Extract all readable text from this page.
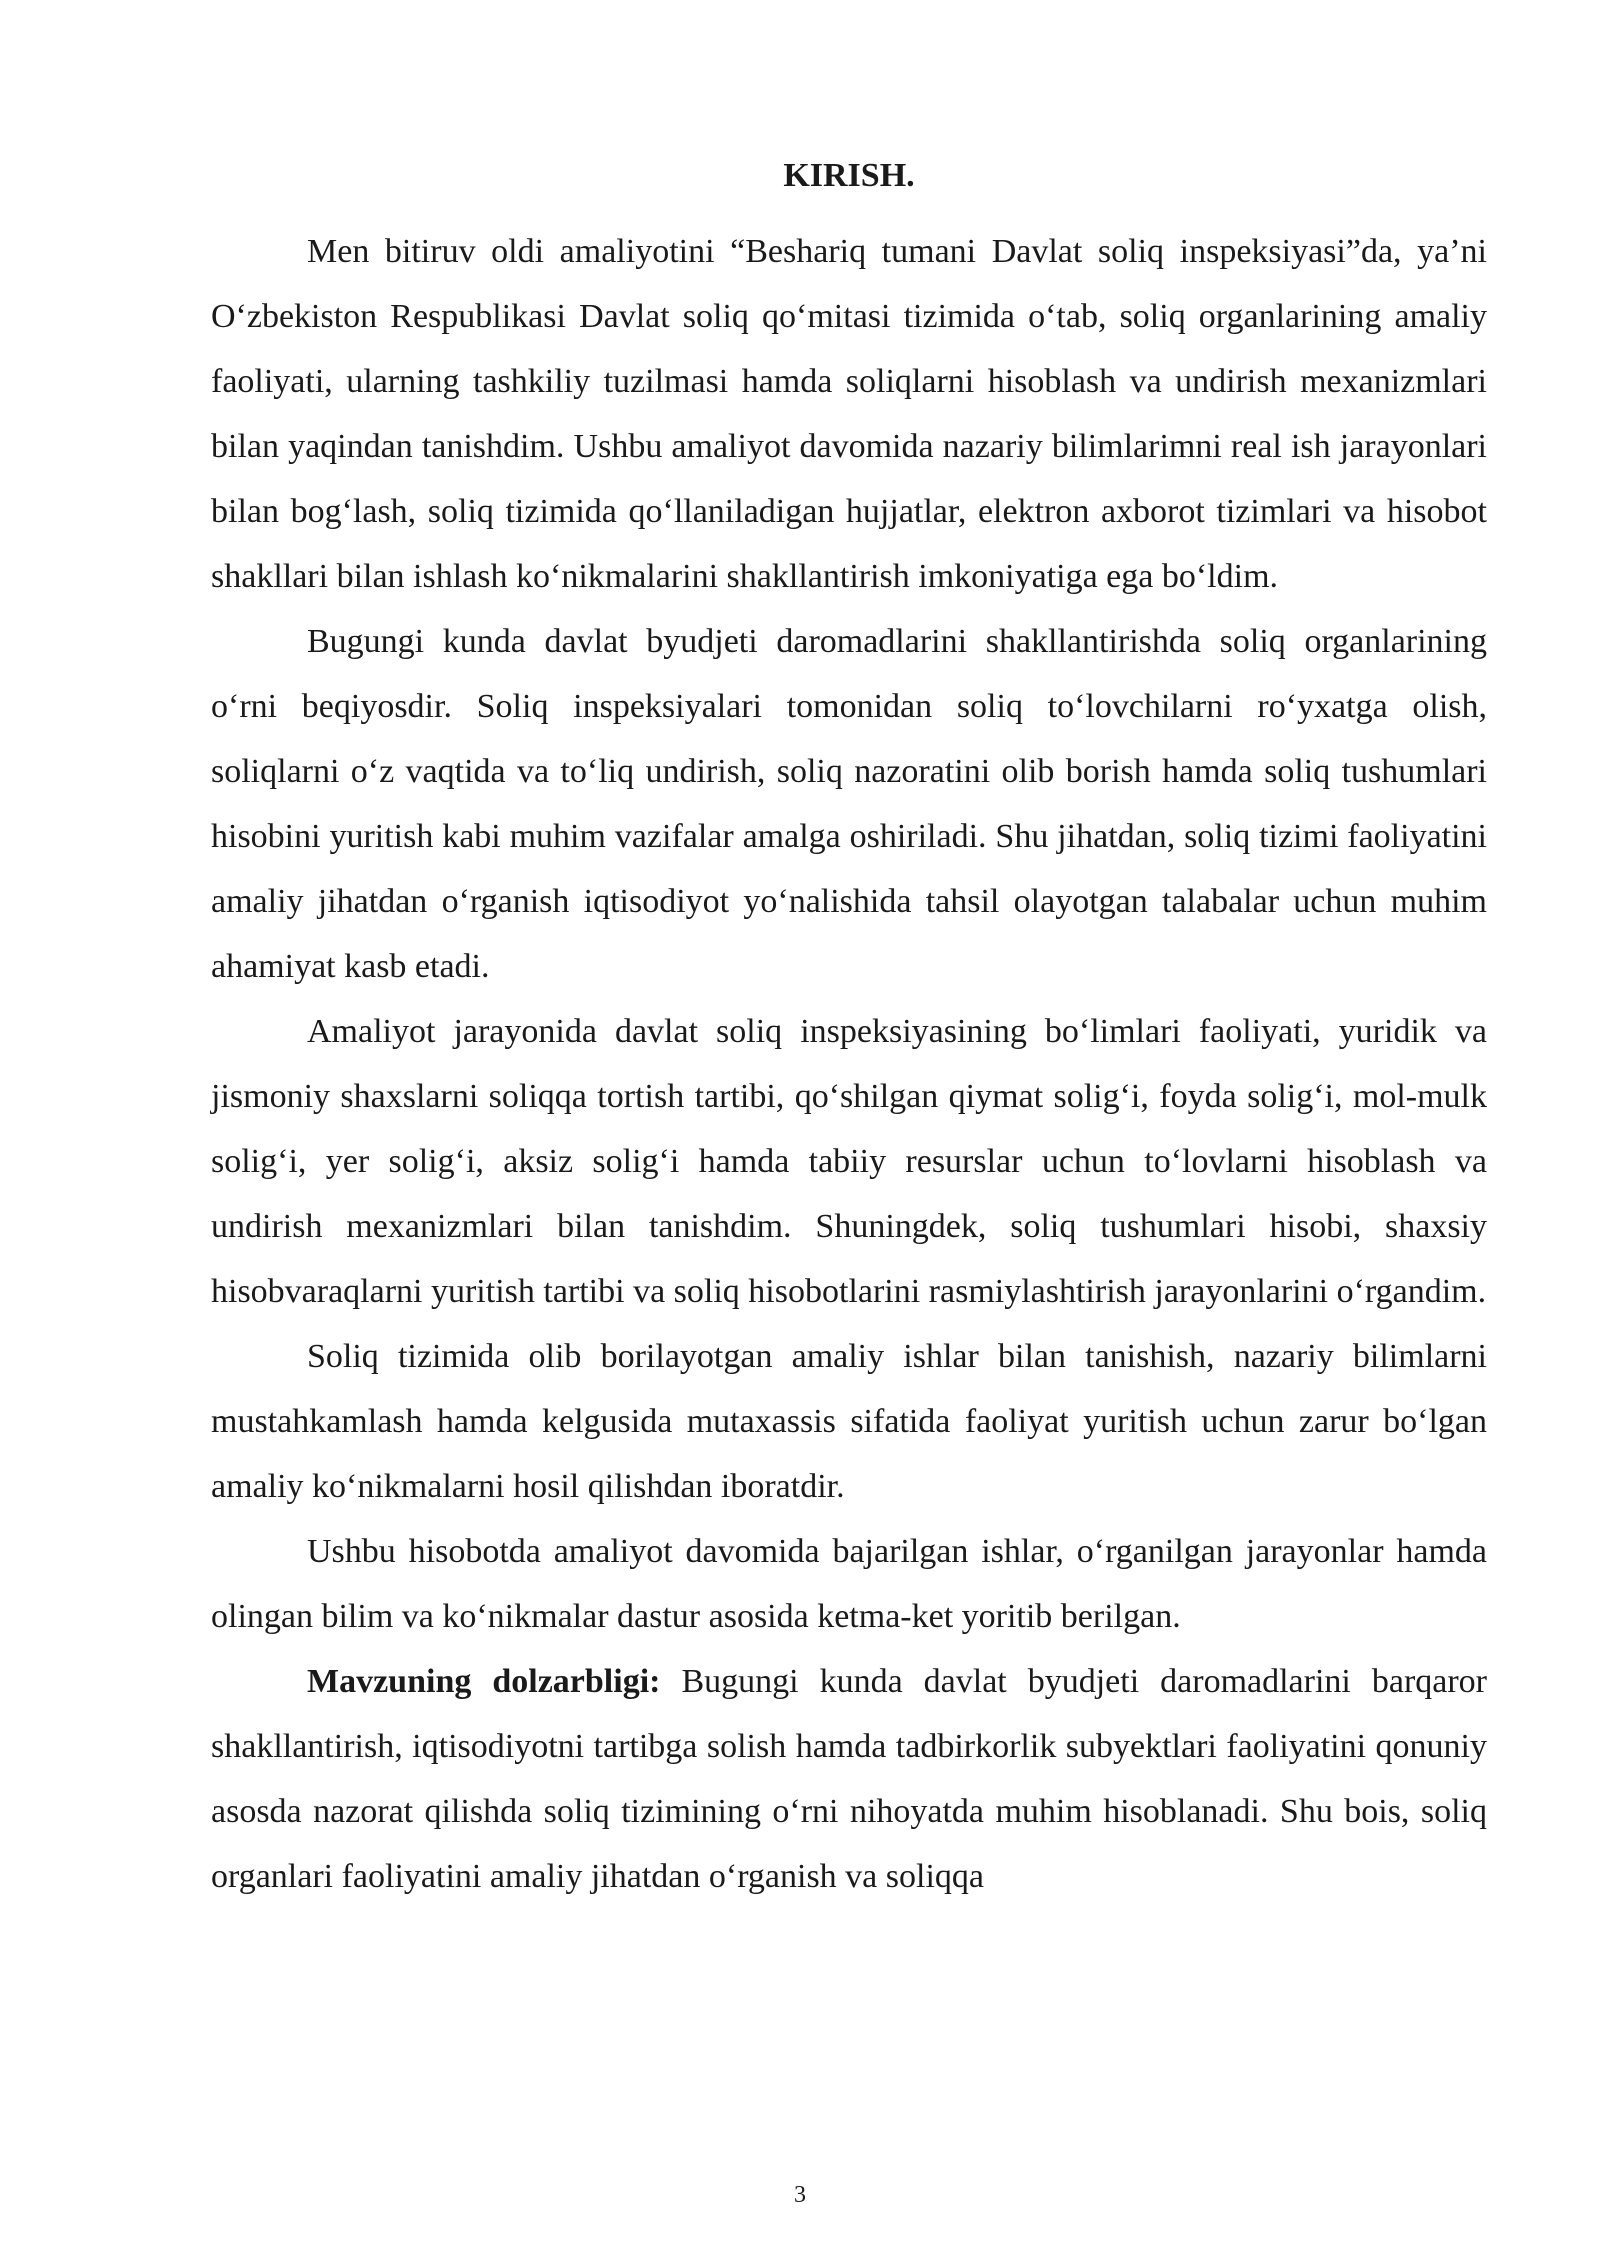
KIRISH.

Men bitiruv oldi amaliyotini “Beshariq tumani Davlat soliq inspeksiyasi”da, ya’ni O‘zbekiston Respublikasi Davlat soliq qo‘mitasi tizimida o‘tab, soliq organlarining amaliy faoliyati, ularning tashkiliy tuzilmasi hamda soliqlarni hisoblash va undirish mexanizmlari bilan yaqindan tanishdim. Ushbu amaliyot davomida nazariy bilimlarimni real ish jarayonlari bilan bog‘lash, soliq tizimida qo‘llaniladigan hujjatlar, elektron axborot tizimlari va hisobot shakllari bilan ishlash ko‘nikmalarini shakllantirish imkoniyatiga ega bo‘ldim.

Bugungi kunda davlat byudjeti daromadlarini shakllantirishda soliq organlarining o‘rni beqiyosdir. Soliq inspeksiyalari tomonidan soliq to‘lovchilarni ro‘yxatga olish, soliqlarni o‘z vaqtida va to‘liq undirish, soliq nazoratini olib borish hamda soliq tushumlari hisobini yuritish kabi muhim vazifalar amalga oshiriladi. Shu jihatdan, soliq tizimi faoliyatini amaliy jihatdan o‘rganish iqtisodiyot yo‘nalishida tahsil olayotgan talabalar uchun muhim ahamiyat kasb etadi.

Amaliyot jarayonida davlat soliq inspeksiyasining bo‘limlari faoliyati, yuridik va jismoniy shaxslarni soliqqa tortish tartibi, qo‘shilgan qiymat solig‘i, foyda solig‘i, mol-mulk solig‘i, yer solig‘i, aksiz solig‘i hamda tabiiy resurslar uchun to‘lovlarni hisoblash va undirish mexanizmlari bilan tanishdim. Shuningdek, soliq tushumlari hisobi, shaxsiy hisobvaraqlarni yuritish tartibi va soliq hisobotlarini rasmiylashtirish jarayonlarini o‘rgandim.

Soliq tizimida olib borilayotgan amaliy ishlar bilan tanishish, nazariy bilimlarni mustahkamlash hamda kelgusida mutaxassis sifatida faoliyat yuritish uchun zarur bo‘lgan amaliy ko‘nikmalarni hosil qilishdan iboratdir.

Ushbu hisobotda amaliyot davomida bajarilgan ishlar, o‘rganilgan jarayonlar hamda olingan bilim va ko‘nikmalar dastur asosida ketma-ket yoritib berilgan.

Mavzuning dolzarbligi: Bugungi kunda davlat byudjeti daromadlarini barqaror shakllantirish, iqtisodiyotni tartibga solish hamda tadbirkorlik subyektlari faoliyatini qonuniy asosda nazorat qilishda soliq tizimining o‘rni nihoyatda muhim hisoblanadi. Shu bois, soliq organlari faoliyatini amaliy jihatdan o‘rganish va soliqqa

3
